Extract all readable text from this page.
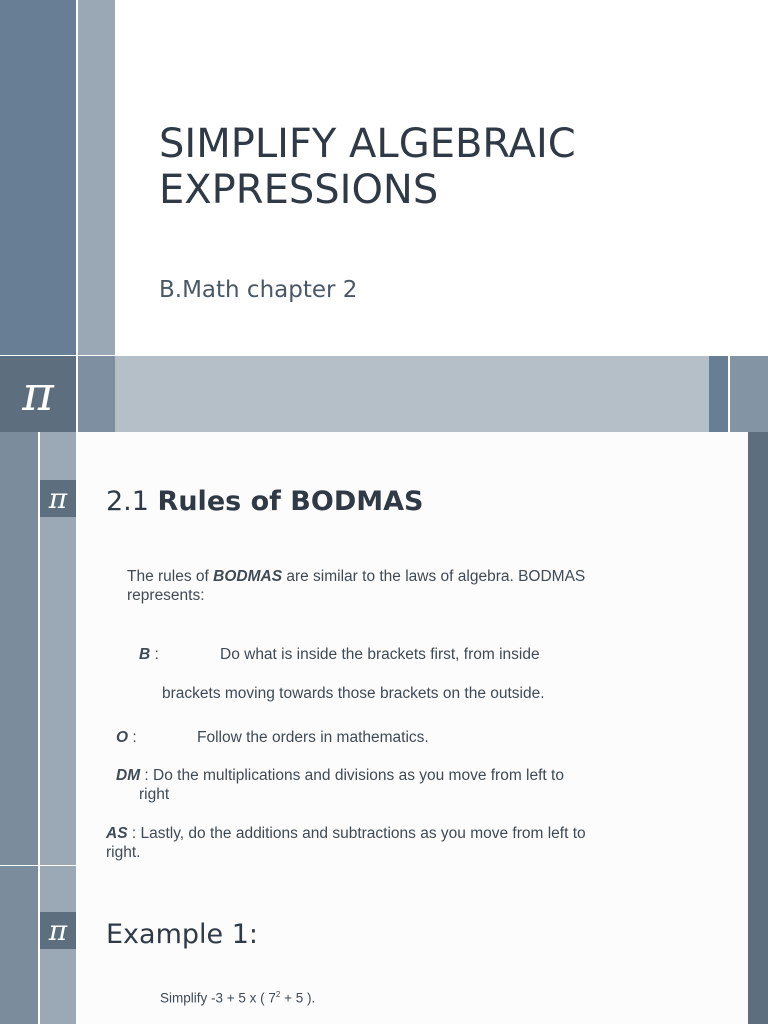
SIMPLIFY ALGEBRAIC
EXPRESSIONS
B.Math chapter 2
π
π	2.1 Rules of BODMAS
The rules of BODMAS are similar to the laws of algebra. BODMAS
represents:
B :	Do what is inside the brackets first, from inside
brackets moving towards those brackets on the outside.
O :	Follow the orders in mathematics.
DM : Do the multiplications and divisions as you move from left to
right
AS : Lastly, do the additions and subtractions as you move from left to
right.
π	Example 1:
Simplify -3 + 5 x ( $7^2 + 5$ ).
